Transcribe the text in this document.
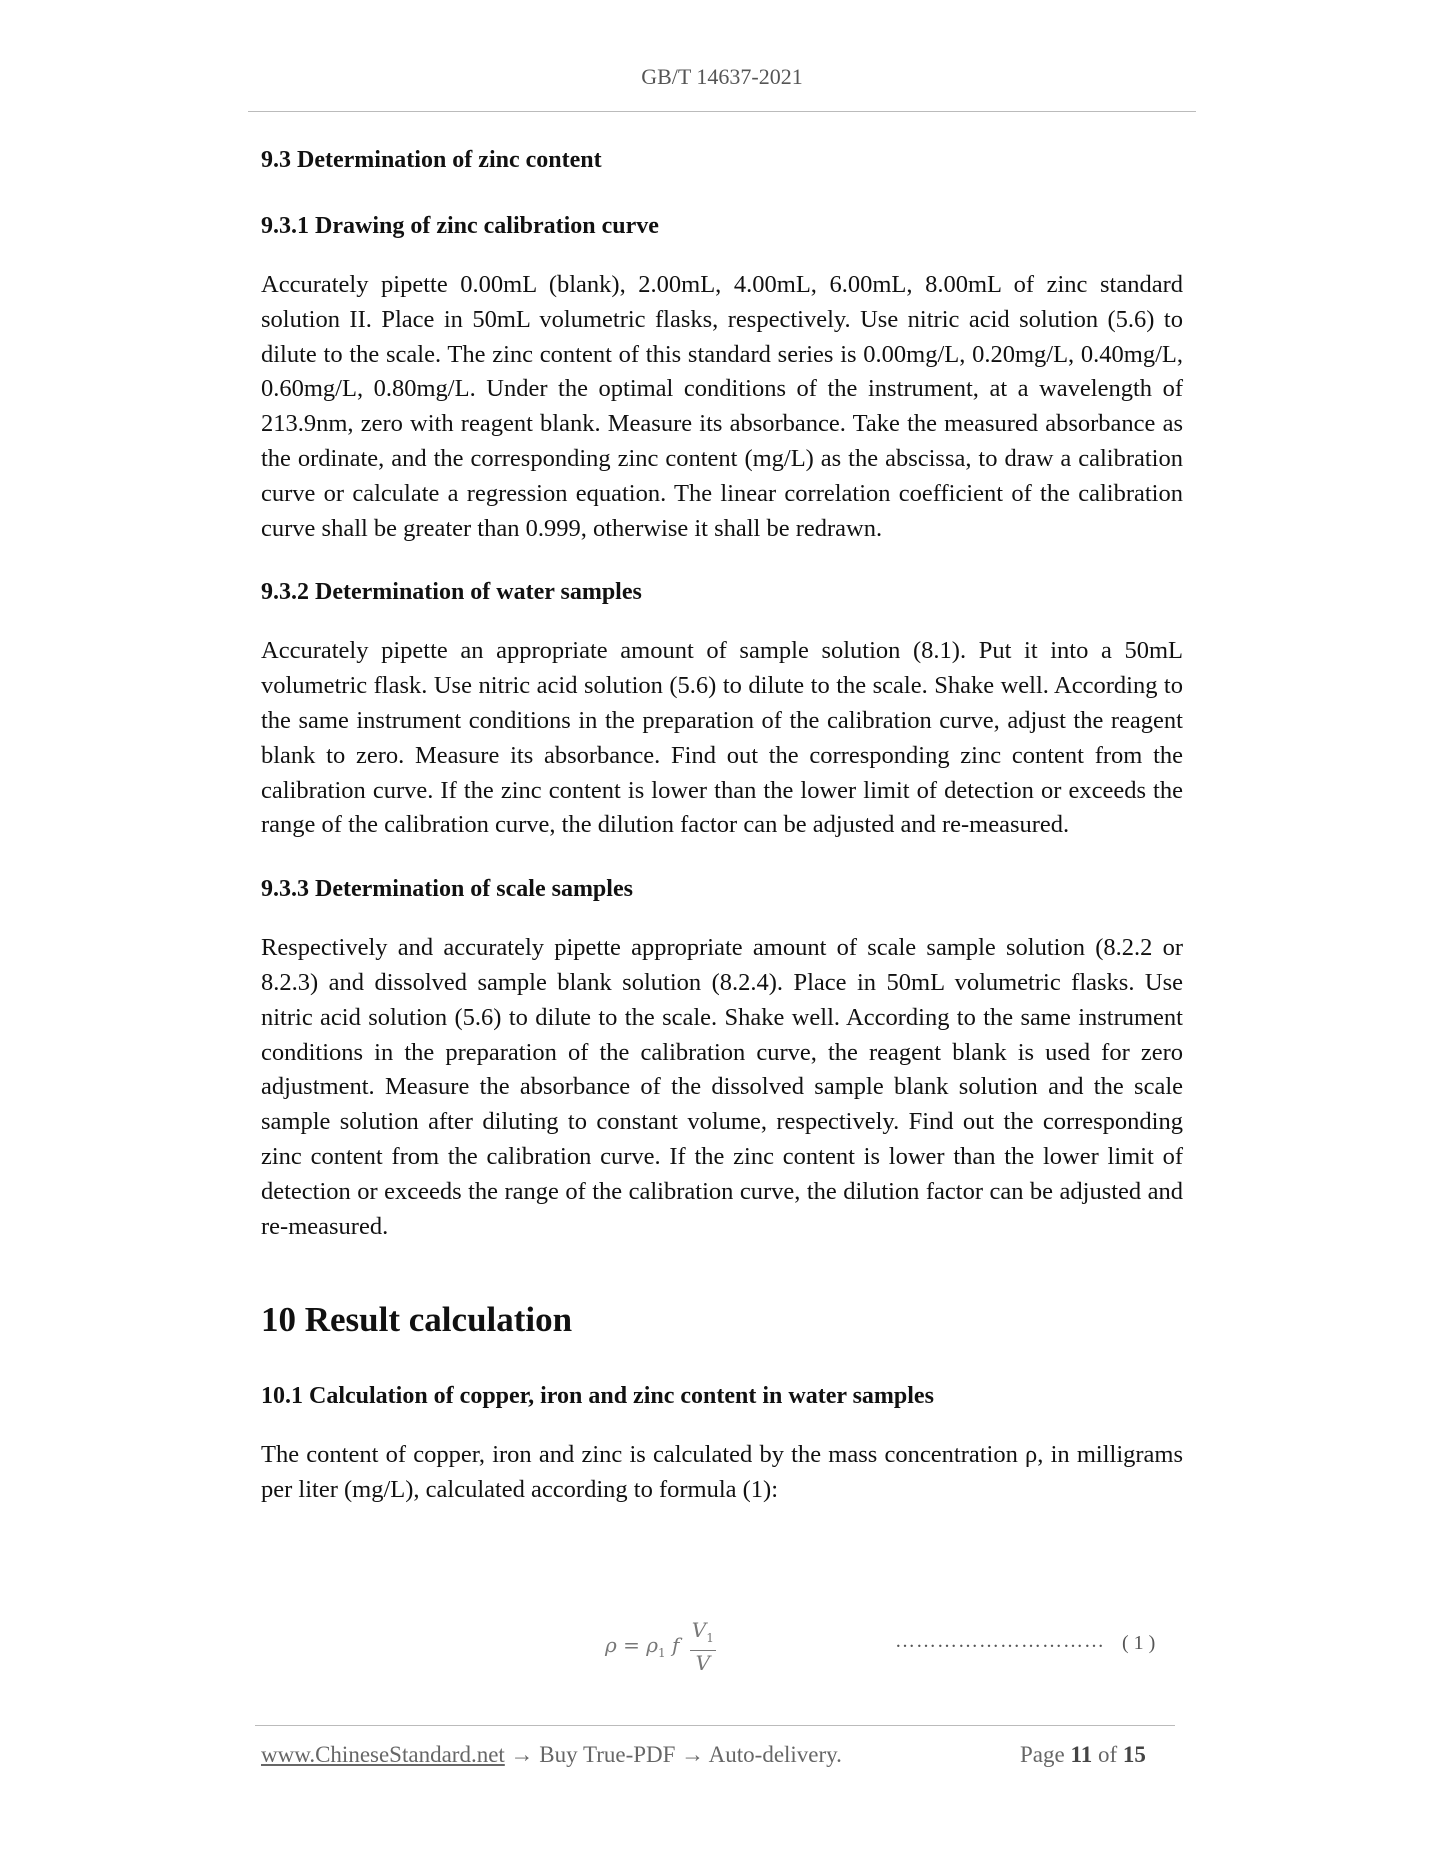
GB/T 14637-2021
9.3 Determination of zinc content
9.3.1 Drawing of zinc calibration curve

Accurately pipette 0.00mL (blank), 2.00mL, 4.00mL, 6.00mL, 8.00mL of zinc standard solution II. Place in 50mL volumetric flasks, respectively. Use nitric acid solution (5.6) to dilute to the scale. The zinc content of this standard series is 0.00mg/L, 0.20mg/L, 0.40mg/L, 0.60mg/L, 0.80mg/L. Under the optimal conditions of the instrument, at a wavelength of 213.9nm, zero with reagent blank. Measure its absorbance. Take the measured absorbance as the ordinate, and the corresponding zinc content (mg/L) as the abscissa, to draw a calibration curve or calculate a regression equation. The linear correlation coefficient of the calibration curve shall be greater than 0.999, otherwise it shall be redrawn.

9.3.2 Determination of water samples

Accurately pipette an appropriate amount of sample solution (8.1). Put it into a 50mL volumetric flask. Use nitric acid solution (5.6) to dilute to the scale. Shake well. According to the same instrument conditions in the preparation of the calibration curve, adjust the reagent blank to zero. Measure its absorbance. Find out the corresponding zinc content from the calibration curve. If the zinc content is lower than the lower limit of detection or exceeds the range of the calibration curve, the dilution factor can be adjusted and re-measured.

9.3.3 Determination of scale samples

Respectively and accurately pipette appropriate amount of scale sample solution (8.2.2 or 8.2.3) and dissolved sample blank solution (8.2.4). Place in 50mL volumetric flasks. Use nitric acid solution (5.6) to dilute to the scale. Shake well. According to the same instrument conditions in the preparation of the calibration curve, the reagent blank is used for zero adjustment. Measure the absorbance of the dissolved sample blank solution and the scale sample solution after diluting to constant volume, respectively. Find out the corresponding zinc content from the calibration curve. If the zinc content is lower than the lower limit of detection or exceeds the range of the calibration curve, the dilution factor can be adjusted and re-measured.

10 Result calculation
10.1 Calculation of copper, iron and zinc content in water samples

The content of copper, iron and zinc is calculated by the mass concentration ρ, in milligrams per liter (mg/L), calculated according to formula (1):

$\rho = \rho_1$ f $\frac{V_1}{V}$	………………………… ( 1 )
www.ChineseStandard.net → Buy True-PDF → Auto-delivery.	Page 11 of 15
